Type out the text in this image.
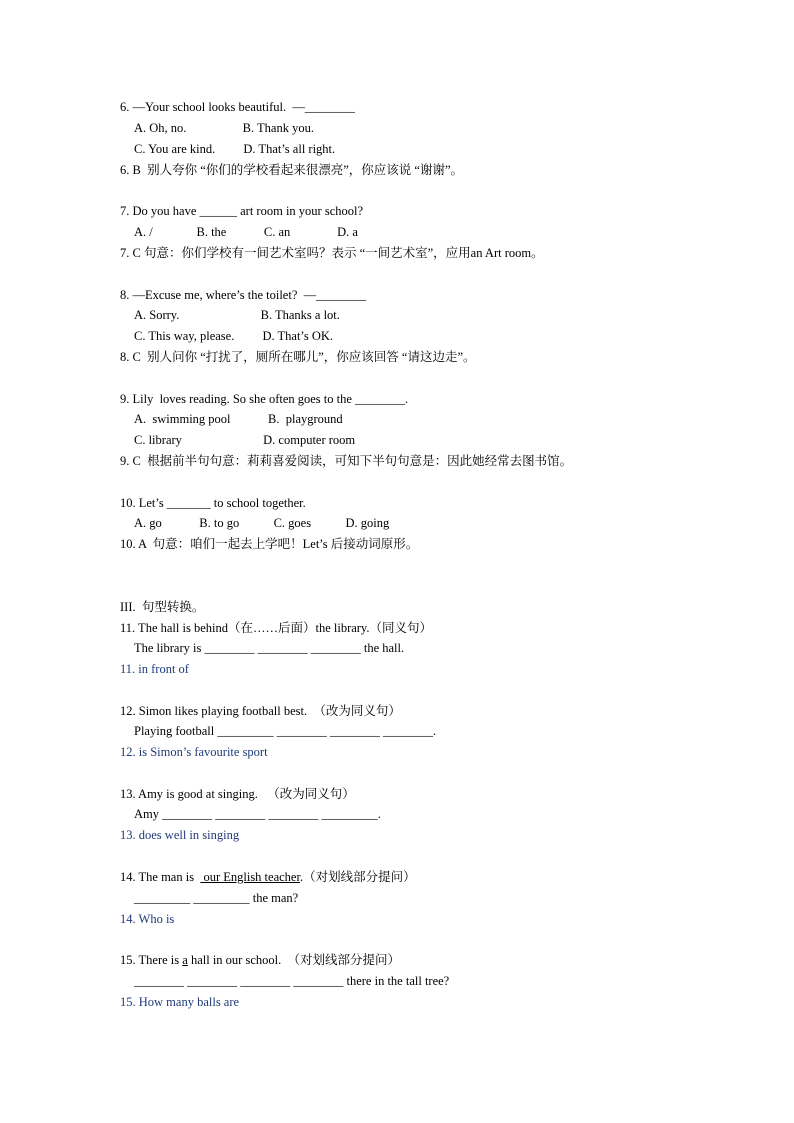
6. —Your school looks beautiful.  —________
A. Oh, no.                  B. Thank you.
C. You are kind.         D. That’s all right.
6. B  别人夸你 “你们的学校看起来很漂亮”，你应该说 “谢谢”。
7. Do you have ______ art room in your school?
A. /              B. the            C. an               D. a
7. C 句意：你们学校有一间艺术室吗？表示 “一间艺术室”，应用an Art room。
8. —Excuse me, where’s the toilet?  —________
A. Sorry.                          B. Thanks a lot.
C. This way, please.         D. That’s OK.
8. C  别人问你 “打扰了，厕所在哪儿”，你应该回答 “请这边走”。
9. Lily  loves reading. So she often goes to the ________.
A.  swimming pool            B.  playground
C. library                          D. computer room
9. C  根据前半句句意：莉莉喜爱阅读，可知下半句句意是：因此她经常去图书馆。
10. Let’s _______ to school together.
A. go            B. to go           C. goes           D. going
10. A  句意：咱们一起去上学吧！Let’s 后接动词原形。
III.  句型转换。
11. The hall is behind（在……后面）the library.（同义句）
The library is ________ ________ ________ the hall.
11. in front of
12. Simon likes playing football best.  （改为同义句）
Playing football _________ ________ ________ ________.
12. is Simon’s favourite sport
13. Amy is good at singing.   （改为同义句）
Amy ________ ________ ________ _________.
13. does well in singing
14. The man is   our English teacher.（对划线部分提问）
_________ _________ the man?
14. Who is
15. There is a hall in our school.  （对划线部分提问）
________ ________ ________ ________ there in the tall tree?
15. How many balls are
